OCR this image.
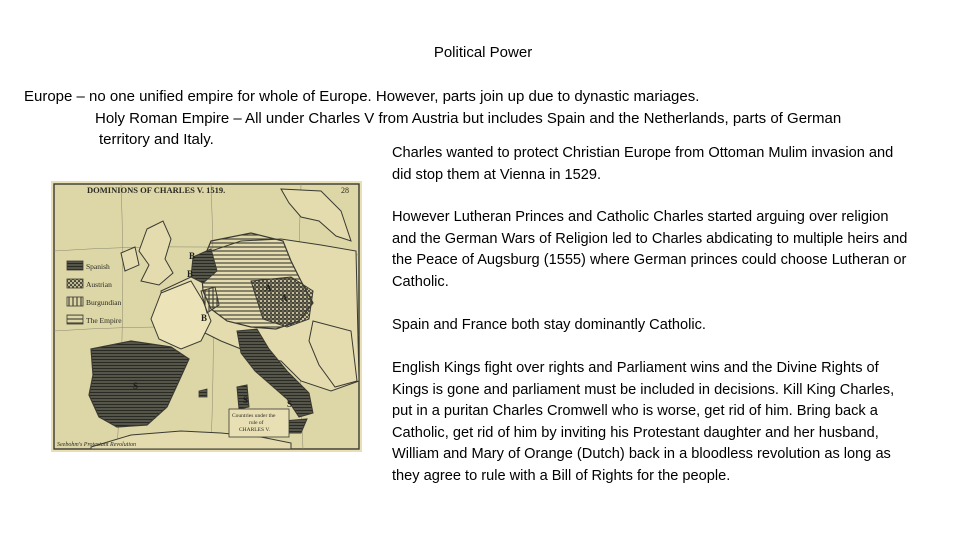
Political Power
Europe – no one unified empire for whole of Europe. However, parts join up due to dynastic mariages.
Holy Roman Empire – All under Charles V from Austria but includes Spain and the Netherlands, parts of German
territory and Italy.

Charles wanted to protect Christian Europe from Ottoman Mulim invasion and did stop them at Vienna in 1529.

However Lutheran Princes and Catholic Charles started arguing over religion and the German Wars of Religion led to Charles abdicating to multiple heirs and the Peace of Augsburg (1555) where German princes could choose Lutheran or Catholic.

Spain and France both stay dominantly Catholic.

English Kings fight over rights and Parliament wins and the Divine Rights of Kings is gone and parliament must be included in decisions. Kill King Charles, put in a puritan Charles Cromwell who is worse, get rid of him. Bring back a Catholic, get rid of him by inviting his Protestant daughter and her husband, William and Mary of Orange (Dutch) back in a bloodless revolution as long as they agree to rule with a Bill of Rights for the people.

DOMINIONS OF CHARLES V. 1519.	28
Spanish
Austrian
Burgundian
The Empire
B
B
B
A
A
S
S	S
Countries under the
rule of
CHARLES V.
Seebohm's Protestant Revolution
